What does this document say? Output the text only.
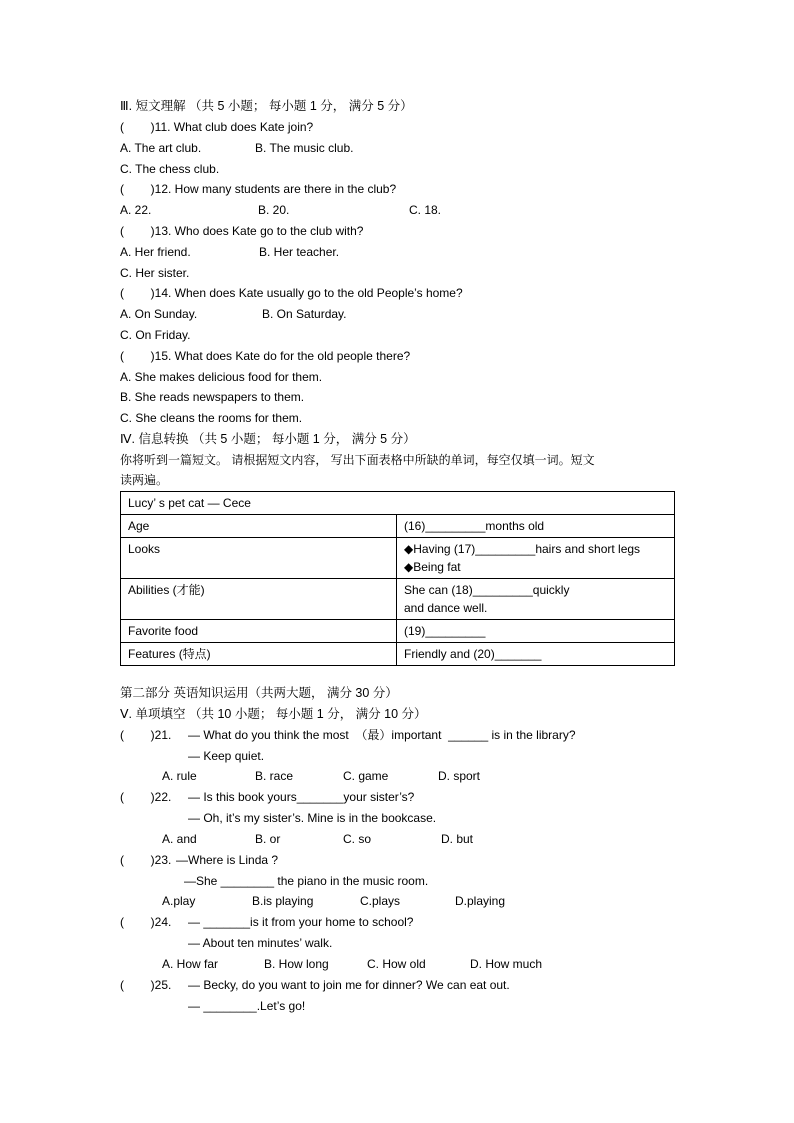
Ⅲ. 短文理解 （共 5 小题； 每小题 1 分， 满分 5 分）
(        )11. What club does Kate join?
A. The art club.	B. The music club.
C. The chess club.
(        )12. How many students are there in the club?
A. 22.	B. 20.	C. 18.
(        )13. Who does Kate go to the club with?
A. Her friend.	B. Her teacher.
C. Her sister.
(        )14. When does Kate usually go to the old People’s home?
A. On Sunday.	B. On Saturday.
C. On Friday.
(        )15. What does Kate do for the old people there?
A. She makes delicious food for them.
B. She reads newspapers to them.
C. She cleans the rooms for them.
Ⅳ. 信息转换 （共 5 小题； 每小题 1 分， 满分 5 分）
你将听到一篇短文。 请根据短文内容， 写出下面表格中所缺的单词，每空仅填一词。短文
读两遍。
Lucy’ s pet cat — Cece	
Age	(16)_________months old

Looks	◆Having (17)_________hairs and short legs
◆Being fat

Abilities (才能)	She can (18)_________quickly
and dance well.

Favorite food	(19)_________

Features (特点)	Friendly and (20)_______
第二部分 英语知识运用（共两大题， 满分 30 分）
Ⅴ. 单项填空 （共 10 小题； 每小题 1 分， 满分 10 分）
(        )21. — What do you think the most  （最）important  ______ is in the library?
— Keep quiet.
A. rule	B. race	C. game	D. sport
(        )22. — Is this book yours_______your sister’s?
— Oh, it’s my sister’s. Mine is in the bookcase.
A. and	B. or	C. so	D. but
(        )23. —Where is Linda ?
—She ________ the piano in the music room.
A.play	B.is playing	C.plays	D.playing
(        )24. — _______is it from your home to school?
— About ten minutes’ walk.
A. How far	B. How long	C. How old	D. How much
(        )25. — Becky, do you want to join me for dinner? We can eat out.
— ________.Let’s go!
